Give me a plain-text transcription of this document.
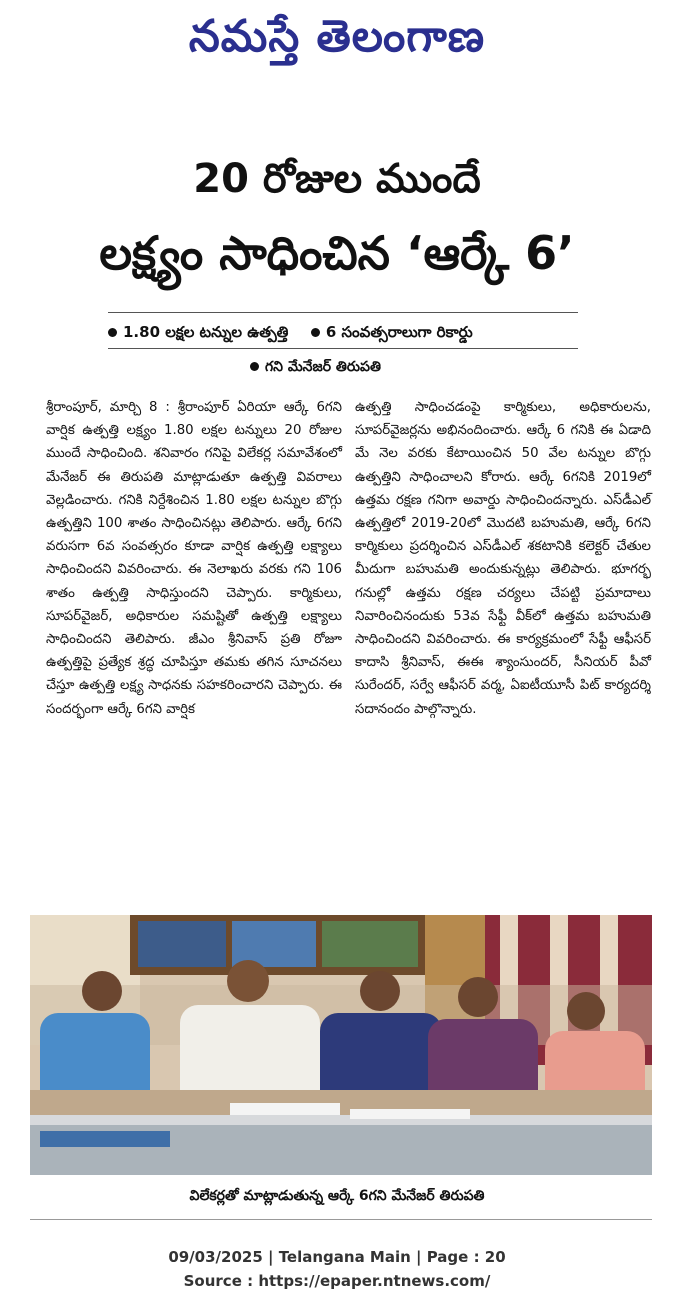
నమస్తే తెలంగాణ
20 రోజుల ముందే
లక్ష్యం సాధించిన ‘ఆర్కే 6’
1.80 లక్షల టన్నుల ఉత్పత్తి 6 సంవత్సరాలుగా రికార్డు
గని మేనేజర్ తిరుపతి

శ్రీరాంపూర్, మార్చి 8 : శ్రీరాంపూర్ ఏరియా ఆర్కే 6గని వార్షిక ఉత్పత్తి లక్ష్యం 1.80 లక్షల టన్నులు 20 రోజుల ముందే సాధించింది. శనివారం గనిపై విలేకర్ల సమావేశంలో మేనేజర్ ఈ తిరుపతి మాట్లాడుతూ ఉత్పత్తి వివరాలు వెల్లడించారు. గనికి నిర్దేశించిన 1.80 లక్షల టన్నుల బొగ్గు ఉత్పత్తిని 100 శాతం సాధించినట్లు తెలిపారు. ఆర్కే 6గని వరుసగా 6వ సంవత్సరం కూడా వార్షిక ఉత్పత్తి లక్ష్యాలు సాధించిందని వివరించారు. ఈ నెలాఖరు వరకు గని 106 శాతం ఉత్పత్తి సాధిస్తుందని చెప్పారు. కార్మికులు, సూపర్‌వైజర్, అధికారుల సమష్టితో ఉత్పత్తి లక్ష్యాలు సాధించిందని తెలిపారు. జీఎం శ్రీనివాస్ ప్రతి రోజూ ఉత్పత్తిపై ప్రత్యేక శ్రద్ధ చూపిస్తూ తమకు తగిన సూచనలు చేస్తూ ఉత్పత్తి లక్ష్య సాధనకు సహకరించారని చెప్పారు. ఈ సందర్భంగా ఆర్కే 6గని వార్షిక

ఉత్పత్తి సాధించడంపై కార్మికులు, అధికారులను, సూపర్‌వైజర్లను అభినందించారు. ఆర్కే 6 గనికి ఈ ఏడాది మే నెల వరకు కేటాయించిన 50 వేల టన్నుల బొగ్గు ఉత్పత్తిని సాధించాలని కోరారు. ఆర్కే 6గనికి 2019లో ఉత్తమ రక్షణ గనిగా అవార్డు సాధించిందన్నారు. ఎస్‌డీఎల్ ఉత్పత్తిలో 2019-20లో మొదటి బహుమతి, ఆర్కే 6గని కార్మికులు ప్రదర్శించిన ఎస్‌డీఎల్ శకటానికి కలెక్టర్ చేతుల మీదుగా బహుమతి అందుకున్నట్లు తెలిపారు. భూగర్భ గనుల్లో ఉత్తమ రక్షణ చర్యలు చేపట్టి ప్రమాదాలు నివారించినందుకు 53వ సేఫ్టీ వీక్‌లో ఉత్తమ బహుమతి సాధించిందని వివరించారు. ఈ కార్యక్రమంలో సేఫ్టీ ఆఫీసర్ కాదాసి శ్రీనివాస్, ఈఈ శ్యాంసుందర్, సీనియర్ పీవో సురేందర్, సర్వే ఆఫీసర్ వర్మ, ఏఐటీయూసీ పిట్ కార్యదర్శి సదానందం పాల్గొన్నారు.

విలేకర్లతో మాట్లాడుతున్న ఆర్కే 6గని మేనేజర్ తిరుపతి
09/03/2025 | Telangana Main | Page : 20
Source : https://epaper.ntnews.com/
